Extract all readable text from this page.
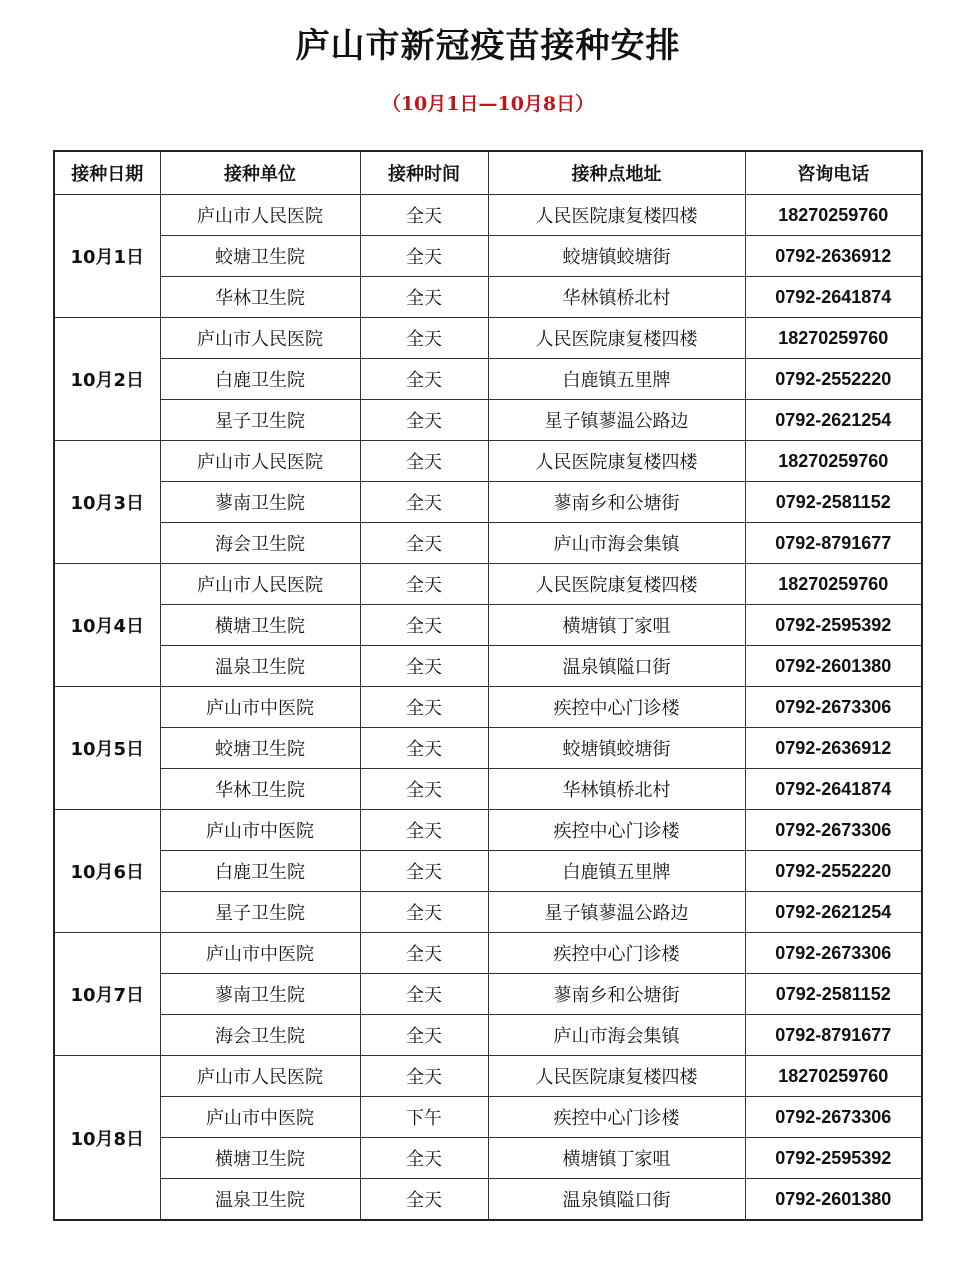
庐山市新冠疫苗接种安排
（10月1日—10月8日）
接种日期	接种单位	接种时间	接种点地址	咨询电话
10月1日	庐山市人民医院	全天	人民医院康复楼四楼	18270259760
	蛟塘卫生院	全天	蛟塘镇蛟塘街	0792-2636912
	华林卫生院	全天	华林镇桥北村	0792-2641874
10月2日	庐山市人民医院	全天	人民医院康复楼四楼	18270259760
	白鹿卫生院	全天	白鹿镇五里牌	0792-2552220
	星子卫生院	全天	星子镇蓼温公路边	0792-2621254
10月3日	庐山市人民医院	全天	人民医院康复楼四楼	18270259760
	蓼南卫生院	全天	蓼南乡和公塘街	0792-2581152
	海会卫生院	全天	庐山市海会集镇	0792-8791677
10月4日	庐山市人民医院	全天	人民医院康复楼四楼	18270259760
	横塘卫生院	全天	横塘镇丁家咀	0792-2595392
	温泉卫生院	全天	温泉镇隘口街	0792-2601380
10月5日	庐山市中医院	全天	疾控中心门诊楼	0792-2673306
	蛟塘卫生院	全天	蛟塘镇蛟塘街	0792-2636912
	华林卫生院	全天	华林镇桥北村	0792-2641874
10月6日	庐山市中医院	全天	疾控中心门诊楼	0792-2673306
	白鹿卫生院	全天	白鹿镇五里牌	0792-2552220
	星子卫生院	全天	星子镇蓼温公路边	0792-2621254
10月7日	庐山市中医院	全天	疾控中心门诊楼	0792-2673306
	蓼南卫生院	全天	蓼南乡和公塘街	0792-2581152
	海会卫生院	全天	庐山市海会集镇	0792-8791677
10月8日	庐山市人民医院	全天	人民医院康复楼四楼	18270259760
	庐山市中医院	下午	疾控中心门诊楼	0792-2673306
	横塘卫生院	全天	横塘镇丁家咀	0792-2595392
	温泉卫生院	全天	温泉镇隘口街	0792-2601380
